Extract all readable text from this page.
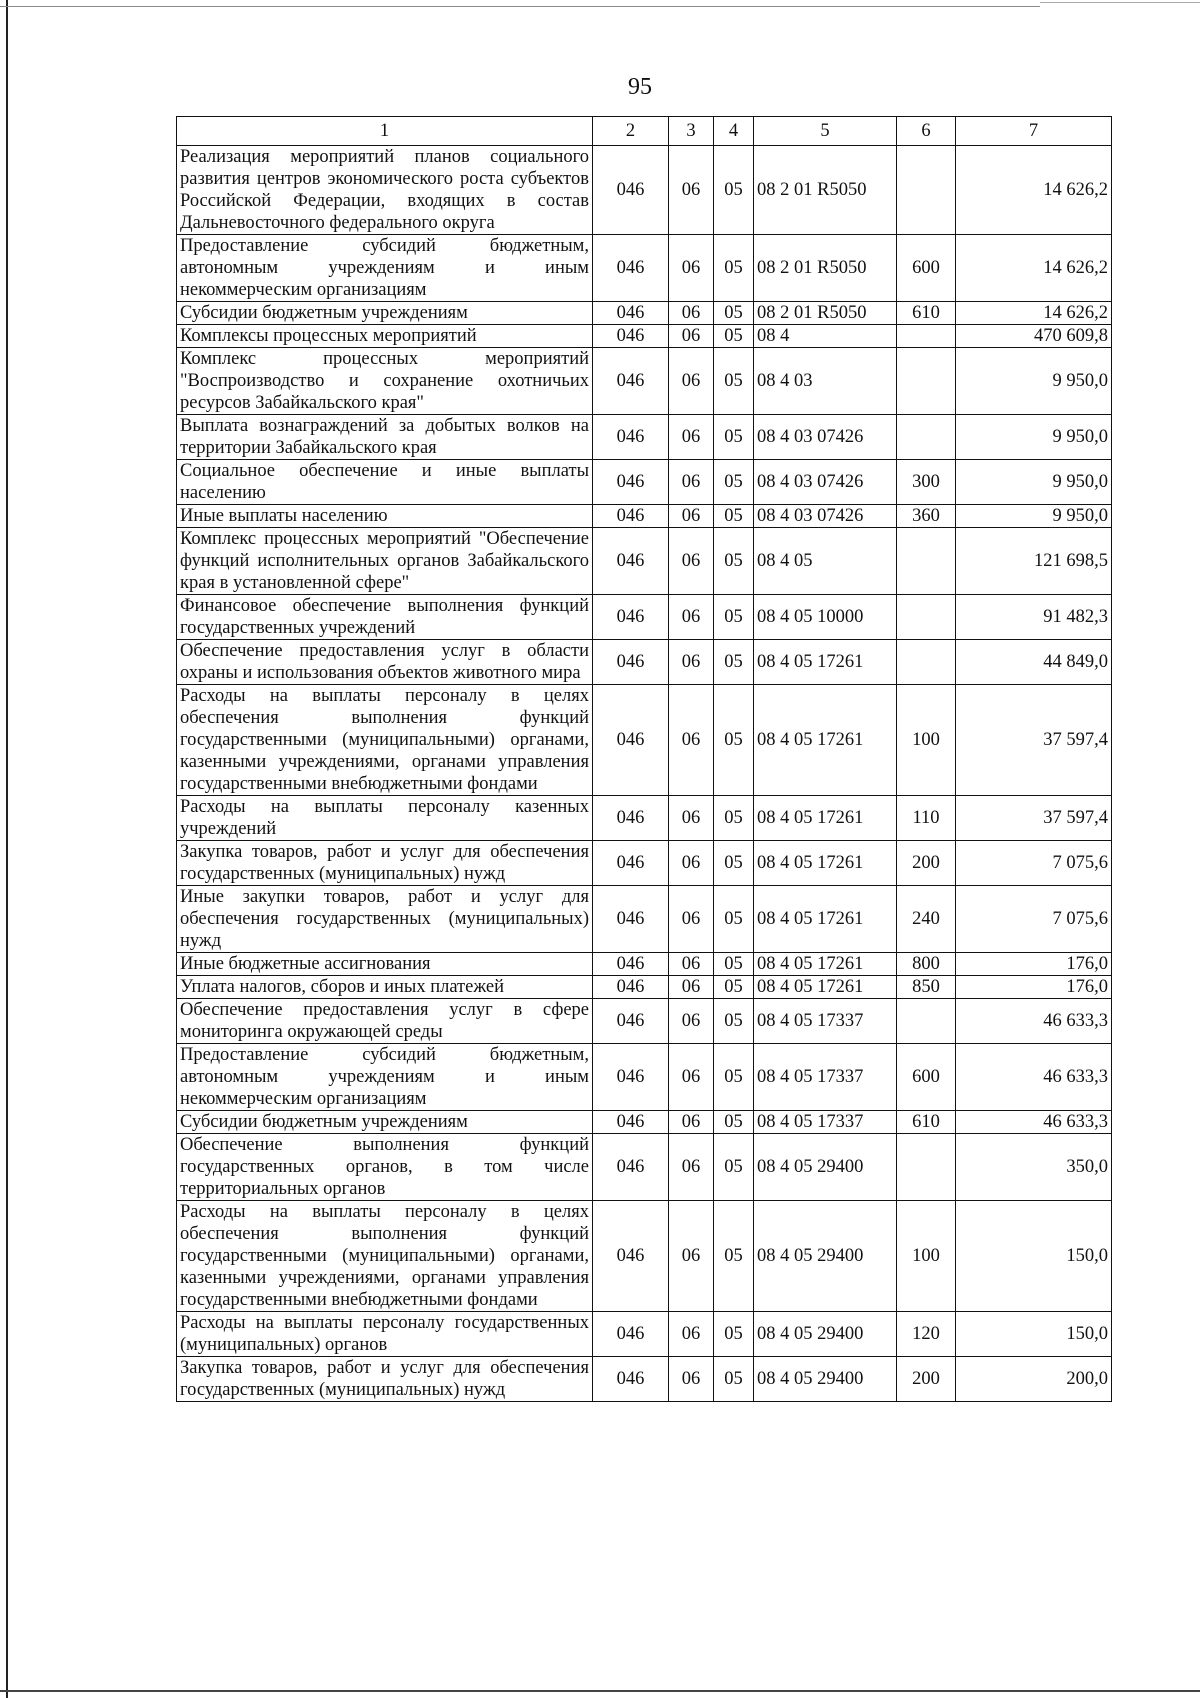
95
1	2	3	4	5	6	7
Реализация мероприятий планов социального развития центров экономического роста субъектов Российской Федерации, входящих в состав Дальневосточного федерального округа	046	06	05	08 2 01 R5050		14 626,2
Предоставление субсидий бюджетным, автономным учреждениям и иным некоммерческим организациям	046	06	05	08 2 01 R5050	600	14 626,2
Субсидии бюджетным учреждениям	046	06	05	08 2 01 R5050	610	14 626,2
Комплексы процессных мероприятий	046	06	05	08 4		470 609,8
Комплекс процессных мероприятий "Воспроизводство и сохранение охотничьих ресурсов Забайкальского края"	046	06	05	08 4 03		9 950,0
Выплата вознаграждений за добытых волков на территории Забайкальского края	046	06	05	08 4 03 07426		9 950,0
Социальное обеспечение и иные выплаты населению	046	06	05	08 4 03 07426	300	9 950,0
Иные выплаты населению	046	06	05	08 4 03 07426	360	9 950,0
Комплекс процессных мероприятий "Обеспечение функций исполнительных органов Забайкальского края в установленной сфере"	046	06	05	08 4 05		121 698,5
Финансовое обеспечение выполнения функций государственных учреждений	046	06	05	08 4 05 10000		91 482,3
Обеспечение предоставления услуг в области охраны и использования объектов животного мира	046	06	05	08 4 05 17261		44 849,0
Расходы на выплаты персоналу в целях обеспечения выполнения функций государственными (муниципальными) органами, казенными учреждениями, органами управления государственными внебюджетными фондами	046	06	05	08 4 05 17261	100	37 597,4
Расходы на выплаты персоналу казенных учреждений	046	06	05	08 4 05 17261	110	37 597,4
Закупка товаров, работ и услуг для обеспечения государственных (муниципальных) нужд	046	06	05	08 4 05 17261	200	7 075,6
Иные закупки товаров, работ и услуг для обеспечения государственных (муниципальных) нужд	046	06	05	08 4 05 17261	240	7 075,6
Иные бюджетные ассигнования	046	06	05	08 4 05 17261	800	176,0
Уплата налогов, сборов и иных платежей	046	06	05	08 4 05 17261	850	176,0
Обеспечение предоставления услуг в сфере мониторинга окружающей среды	046	06	05	08 4 05 17337		46 633,3
Предоставление субсидий бюджетным, автономным учреждениям и иным некоммерческим организациям	046	06	05	08 4 05 17337	600	46 633,3
Субсидии бюджетным учреждениям	046	06	05	08 4 05 17337	610	46 633,3
Обеспечение выполнения функций государственных органов, в том числе территориальных органов	046	06	05	08 4 05 29400		350,0
Расходы на выплаты персоналу в целях обеспечения выполнения функций государственными (муниципальными) органами, казенными учреждениями, органами управления государственными внебюджетными фондами	046	06	05	08 4 05 29400	100	150,0
Расходы на выплаты персоналу государственных (муниципальных) органов	046	06	05	08 4 05 29400	120	150,0
Закупка товаров, работ и услуг для обеспечения государственных (муниципальных) нужд	046	06	05	08 4 05 29400	200	200,0
